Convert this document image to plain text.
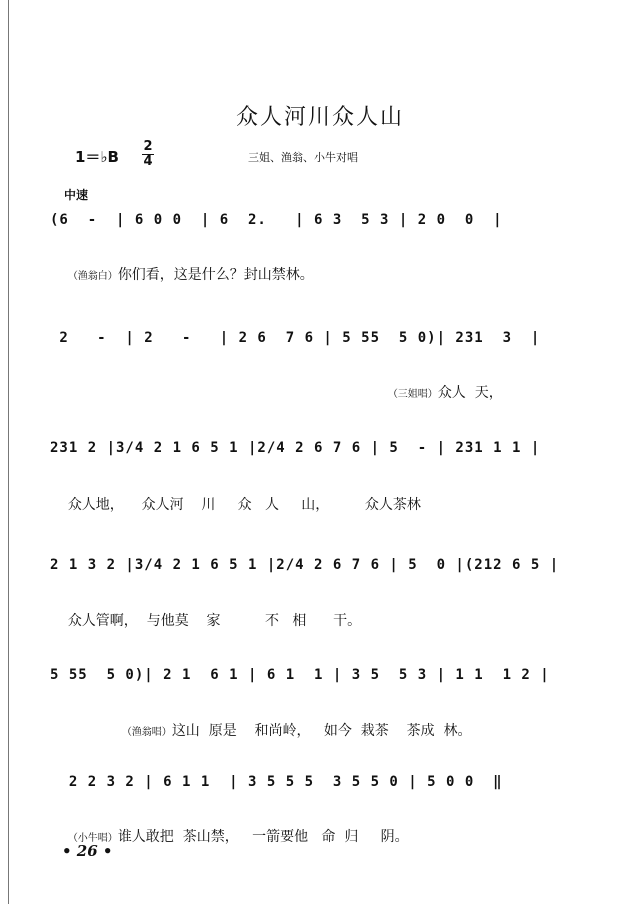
众人河川众人山
1＝♭B
2
4	三姐、渔翁、小牛对唱
中速
(6  -  | 6 0 0  | 6  2.   | 6 3  5 3 | 2 0  0  |

（渔翁白）你们看，这是什么？封山禁林。

2   -  | 2   -   | 2 6  7 6 | 5 55  5 0)| 231  3  |

（三姐唱）众人  天，

231 2 |3/4 2 1 6 5 1 |2/4 2 6 7 6 | 5  - | 231 1 1 |

众人地，    众人河    川     众   人     山，        众人茶林

2 1 3 2 |3/4 2 1 6 5 1 |2/4 2 6 7 6 | 5  0 |(212 6 5 |

众人管啊，  与他莫    家          不   相      干。

5 55  5 0)| 2 1  6 1 | 6 1  1 | 3 5  5 3 | 1 1  1 2 |

（渔翁唱）这山  原是    和尚岭，   如今  栽茶    茶成  林。

2 2 3 2 | 6 1 1  | 3 5 5 5  3 5 5 0 | 5 0 0  ‖

（小牛唱）谁人敢把  茶山禁，   一箭要他   命  归     阴。

• 26 •
